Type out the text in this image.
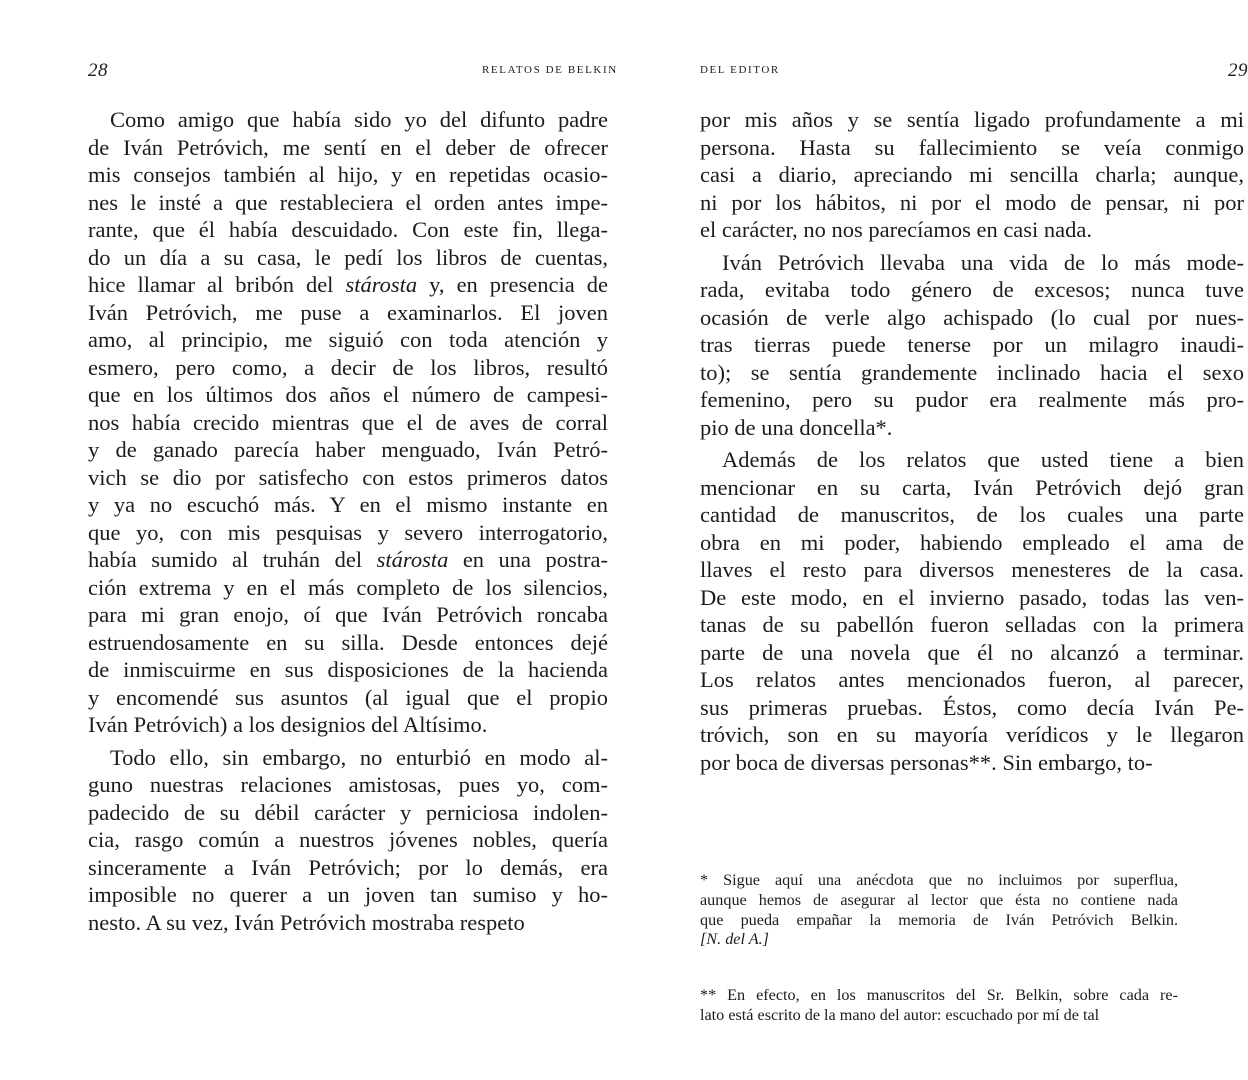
28	RELATOS DE BELKIN

Como amigo que había sido yo del difunto padre
de Iván Petróvich, me sentí en el deber de ofrecer
mis consejos también al hijo, y en repetidas ocasio-
nes le insté a que restableciera el orden antes impe-
rante, que él había descuidado. Con este fin, llega-
do un día a su casa, le pedí los libros de cuentas,
hice llamar al bribón del stárosta y, en presencia de
Iván Petróvich, me puse a examinarlos. El joven
amo, al principio, me siguió con toda atención y
esmero, pero como, a decir de los libros, resultó
que en los últimos dos años el número de campesi-
nos había crecido mientras que el de aves de corral
y de ganado parecía haber menguado, Iván Petró-
vich se dio por satisfecho con estos primeros datos
y ya no escuchó más. Y en el mismo instante en
que yo, con mis pesquisas y severo interrogatorio,
había sumido al truhán del stárosta en una postra-
ción extrema y en el más completo de los silencios,
para mi gran enojo, oí que Iván Petróvich roncaba
estruendosamente en su silla. Desde entonces dejé
de inmiscuirme en sus disposiciones de la hacienda
y encomendé sus asuntos (al igual que el propio
Iván Petróvich) a los designios del Altísimo.

Todo ello, sin embargo, no enturbió en modo al-
guno nuestras relaciones amistosas, pues yo, com-
padecido de su débil carácter y perniciosa indolen-
cia, rasgo común a nuestros jóvenes nobles, quería
sinceramente a Iván Petróvich; por lo demás, era
imposible no querer a un joven tan sumiso y ho-
nesto. A su vez, Iván Petróvich mostraba respeto

DEL EDITOR	29

por mis años y se sentía ligado profundamente a mi
persona. Hasta su fallecimiento se veía conmigo
casi a diario, apreciando mi sencilla charla; aunque,
ni por los hábitos, ni por el modo de pensar, ni por
el carácter, no nos parecíamos en casi nada.

Iván Petróvich llevaba una vida de lo más mode-
rada, evitaba todo género de excesos; nunca tuve
ocasión de verle algo achispado (lo cual por nues-
tras tierras puede tenerse por un milagro inaudi-
to); se sentía grandemente inclinado hacia el sexo
femenino, pero su pudor era realmente más pro-
pio de una doncella*.

Además de los relatos que usted tiene a bien
mencionar en su carta, Iván Petróvich dejó gran
cantidad de manuscritos, de los cuales una parte
obra en mi poder, habiendo empleado el ama de
llaves el resto para diversos menesteres de la casa.
De este modo, en el invierno pasado, todas las ven-
tanas de su pabellón fueron selladas con la primera
parte de una novela que él no alcanzó a terminar.
Los relatos antes mencionados fueron, al parecer,
sus primeras pruebas. Éstos, como decía Iván Pe-
tróvich, son en su mayoría verídicos y le llegaron
por boca de diversas personas**. Sin embargo, to-

* Sigue aquí una anécdota que no incluimos por superflua,
aunque hemos de asegurar al lector que ésta no contiene nada
que pueda empañar la memoria de Iván Petróvich Belkin.
[N. del A.]

** En efecto, en los manuscritos del Sr. Belkin, sobre cada re-
lato está escrito de la mano del autor: escuchado por mí de tal
